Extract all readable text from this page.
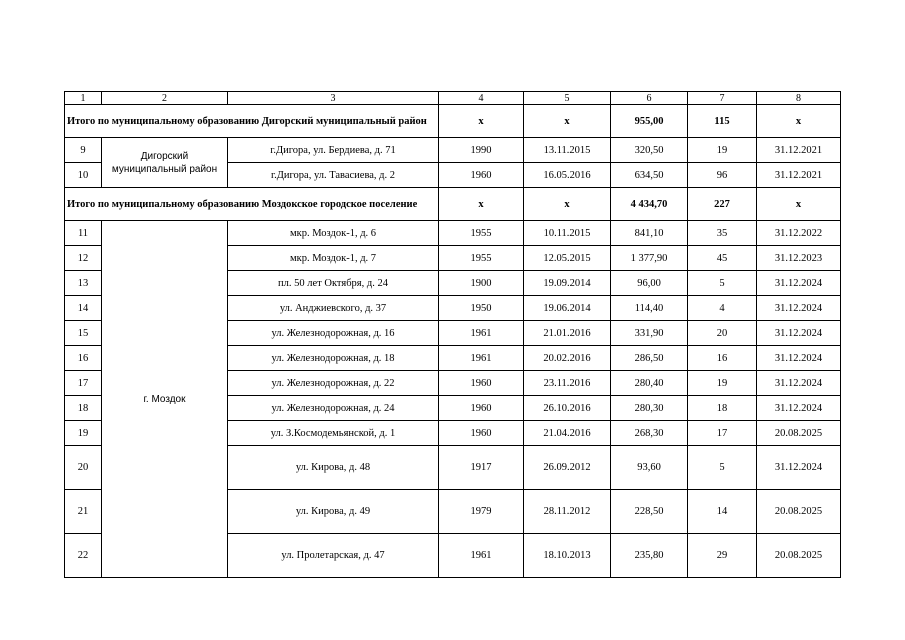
1	2	3	4	5	6	7	8
Итого по муниципальному образованию Дигорский муниципальный район			x	x	955,00	115	x
9	Дигорский муниципальный район	г.Дигора, ул. Бердиева, д. 71	1990	13.11.2015	320,50	19	31.12.2021
10		г.Дигора, ул. Тавасиева, д. 2	1960	16.05.2016	634,50	96	31.12.2021
Итого по муниципальному образованию Моздокское городское поселение			x	x	4 434,70	227	x
11	г. Моздок	мкр. Моздок-1, д. 6	1955	10.11.2015	841,10	35	31.12.2022
12		мкр. Моздок-1, д. 7	1955	12.05.2015	1 377,90	45	31.12.2023
13		пл. 50 лет Октября, д. 24	1900	19.09.2014	96,00	5	31.12.2024
14		ул. Анджиевского, д. 37	1950	19.06.2014	114,40	4	31.12.2024
15		ул. Железнодорожная, д. 16	1961	21.01.2016	331,90	20	31.12.2024
16		ул. Железнодорожная, д. 18	1961	20.02.2016	286,50	16	31.12.2024
17		ул. Железнодорожная, д. 22	1960	23.11.2016	280,40	19	31.12.2024
18		ул. Железнодорожная, д. 24	1960	26.10.2016	280,30	18	31.12.2024
19		ул. З.Космодемьянской, д. 1	1960	21.04.2016	268,30	17	20.08.2025
20		ул. Кирова, д. 48	1917	26.09.2012	93,60	5	31.12.2024
21		ул. Кирова, д. 49	1979	28.11.2012	228,50	14	20.08.2025
22		ул. Пролетарская, д. 47	1961	18.10.2013	235,80	29	20.08.2025
